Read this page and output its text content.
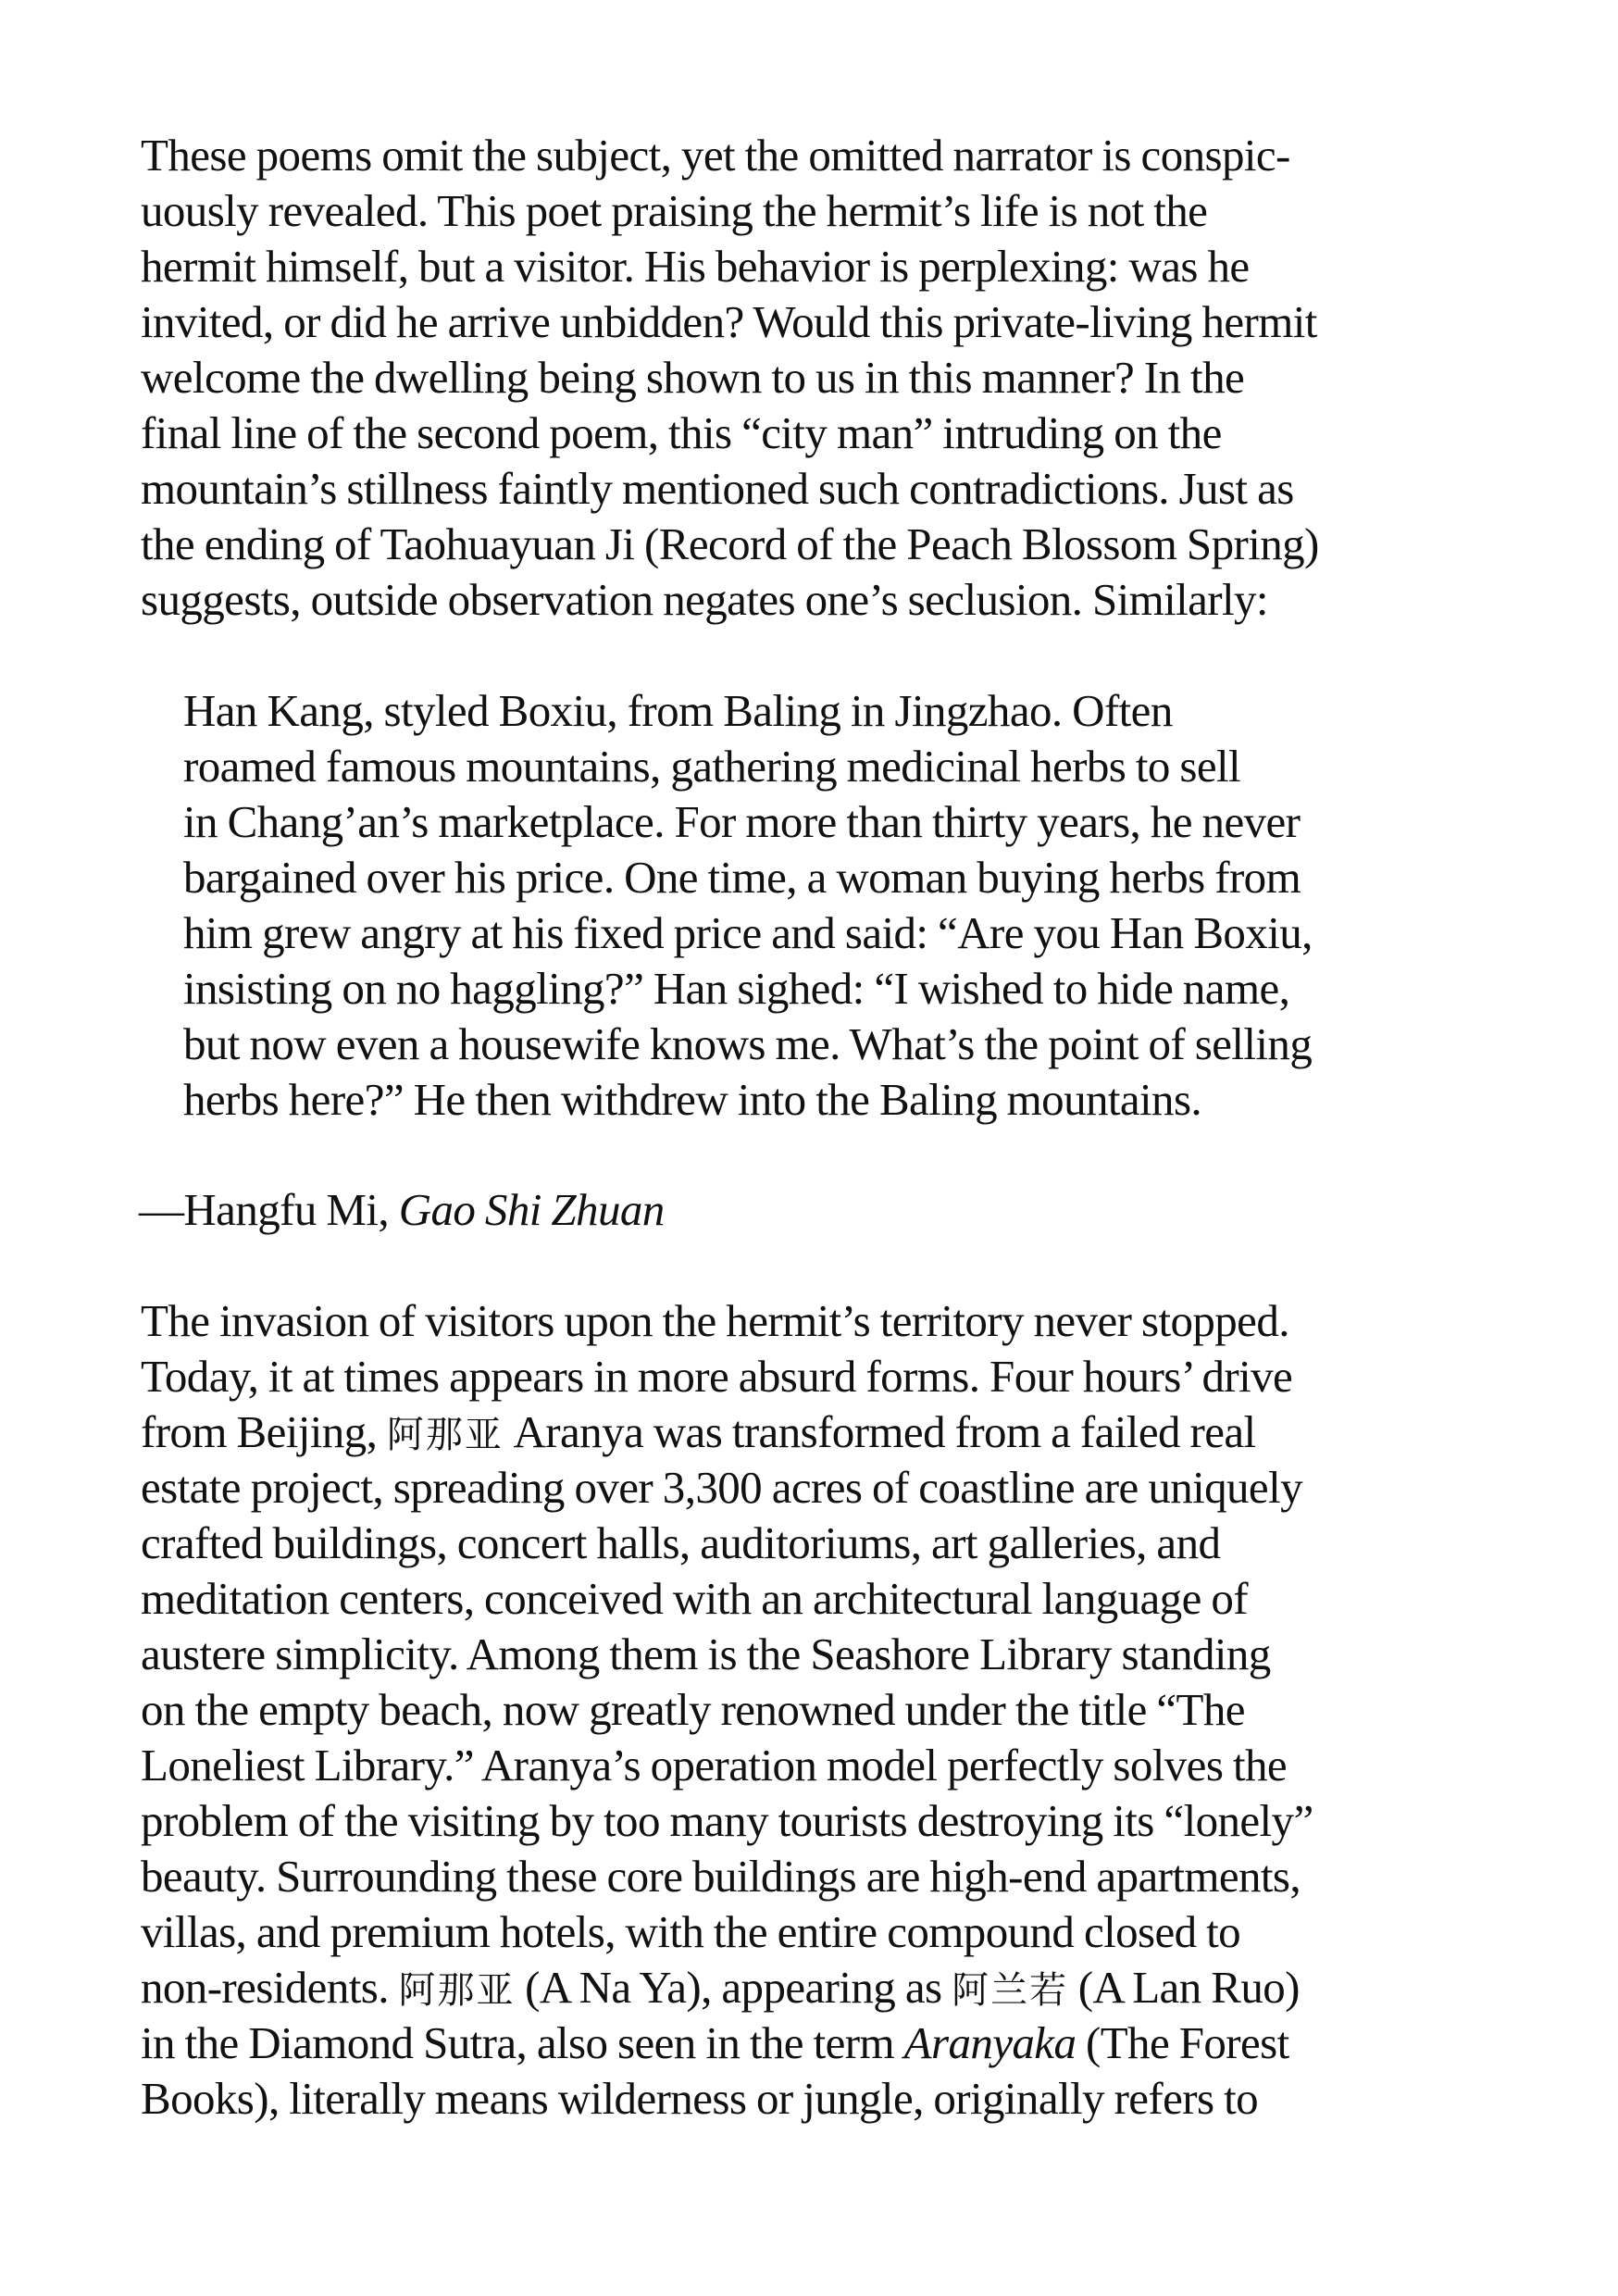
These poems omit the subject, yet the omitted narrator is conspic-
uously revealed. This poet praising the hermit’s life is not the
hermit himself, but a visitor. His behavior is perplexing: was he
invited, or did he arrive unbidden? Would this private-living hermit
welcome the dwelling being shown to us in this manner? In the
final line of the second poem, this “city man” intruding on the
mountain’s stillness faintly mentioned such contradictions. Just as
the ending of Taohuayuan Ji (Record of the Peach Blossom Spring)
suggests, outside observation negates one’s seclusion. Similarly:
Han Kang, styled Boxiu, from Baling in Jingzhao. Often
roamed famous mountains, gathering medicinal herbs to sell
in Chang’an’s marketplace. For more than thirty years, he never
bargained over his price. One time, a woman buying herbs from
him grew angry at his fixed price and said: “Are you Han Boxiu,
insisting on no haggling?” Han sighed: “I wished to hide name,
but now even a housewife knows me. What’s the point of selling
herbs here?” He then withdrew into the Baling mountains.
—Hangfu Mi, Gao Shi Zhuan
The invasion of visitors upon the hermit’s territory never stopped.
Today, it at times appears in more absurd forms. Four hours’ drive
from Beijing, 阿那亚 Aranya was transformed from a failed real
estate project, spreading over 3,300 acres of coastline are uniquely
crafted buildings, concert halls, auditoriums, art galleries, and
meditation centers, conceived with an architectural language of
austere simplicity. Among them is the Seashore Library standing
on the empty beach, now greatly renowned under the title “The
Loneliest Library.” Aranya’s operation model perfectly solves the
problem of the visiting by too many tourists destroying its “lonely”
beauty. Surrounding these core buildings are high-end apartments,
villas, and premium hotels, with the entire compound closed to
non-residents. 阿那亚 (A Na Ya), appearing as 阿兰若 (A Lan Ruo)
in the Diamond Sutra, also seen in the term Aranyaka (The Forest
Books), literally means wilderness or jungle, originally refers to
